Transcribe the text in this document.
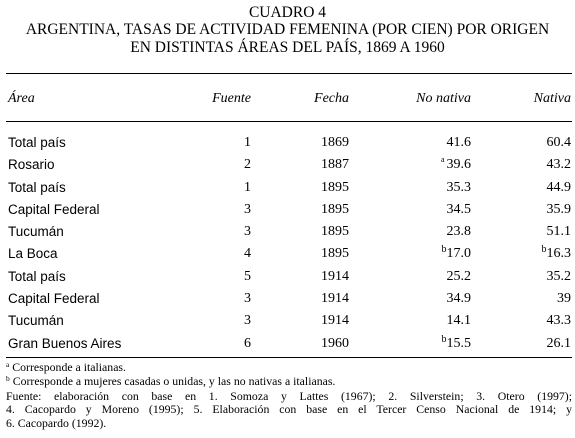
CUADRO 4
ARGENTINA, TASAS DE ACTIVIDAD FEMENINA (POR CIEN) POR ORIGEN
EN DISTINTAS ÁREAS DEL PAÍS, 1869 A 1960
Área	Fuente	Fecha	No nativa	Nativa
Total país	1	1869	41.6	60.4
Rosario	2	1887	$^a$ 39.6	43.2
Total país	1	1895	35.3	44.9
Capital Federal	3	1895	34.5	35.9
Tucumán	3	1895	23.8	51.1
La Boca	4	1895	$^b$17.0	$^b$16.3
Total país	5	1914	25.2	35.2
Capital Federal	3	1914	34.9	39
Tucumán	3	1914	14.1	43.3
Gran Buenos Aires	6	1960	$^b$15.5	26.1
$^a$ Corresponde a italianas.
$^b$ Corresponde a mujeres casadas o unidas, y las no nativas a italianas.
Fuente: elaboración con base en 1. Somoza y Lattes (1967); 2. Silverstein; 3. Otero (1997);
4. Cacopardo y Moreno (1995); 5. Elaboración con base en el Tercer Censo Nacional de 1914; y
6. Cacopardo (1992).
